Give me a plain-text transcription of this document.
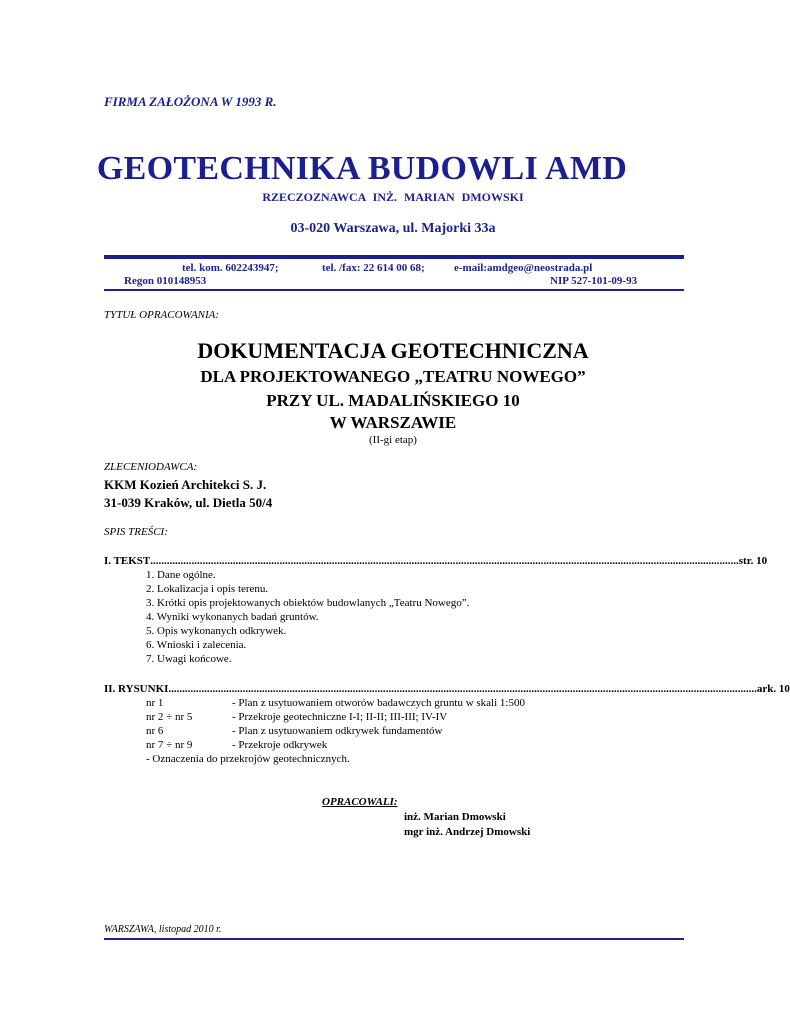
FIRMA ZAŁOŻONA W 1993 R.
GEOTECHNIKA BUDOWLI AMD
RZECZOZNAWCA INŻ. MARIAN DMOWSKI
03-020 Warszawa, ul. Majorki 33a
tel. kom. 602243947;	tel. /fax: 22 614 00 68;	e-mail:amdgeo@neostrada.pl
Regon 010148953	NIP 527-101-09-93
TYTUŁ OPRACOWANIA:
DOKUMENTACJA GEOTECHNICZNA
DLA PROJEKTOWANEGO „TEATRU NOWEGO”
PRZY UL. MADALIŃSKIEGO 10
W WARSZAWIE
(II-gi etap)
ZLECENIODAWCA:
KKM Kozień Architekci S. J.
31-039 Kraków, ul. Dietla 50/4
SPIS TREŚCI:
I. TEKST ...................................................................................................................................................................................................................... str. 10
1. Dane ogólne.
2. Lokalizacja i opis terenu.
3. Krótki opis projektowanych obiektów budowlanych „Teatru Nowego”.
4. Wyniki wykonanych badań gruntów.
5. Opis wykonanych odkrywek.
6. Wnioski i zalecenia.
7. Uwagi końcowe.
II. RYSUNKI ...................................................................................................................................................................................................................... ark. 10
nr 1	- Plan z usytuowaniem otworów badawczych gruntu w skali 1:500
nr 2 ÷ nr 5	- Przekroje geotechniczne I-I; II-II; III-III; IV-IV
nr 6	- Plan z usytuowaniem odkrywek fundamentów
nr 7 ÷ nr 9	- Przekroje odkrywek
- Oznaczenia do przekrojów geotechnicznych.
OPRACOWALI:
inż. Marian Dmowski
mgr inż. Andrzej Dmowski
WARSZAWA, listopad 2010 r.
